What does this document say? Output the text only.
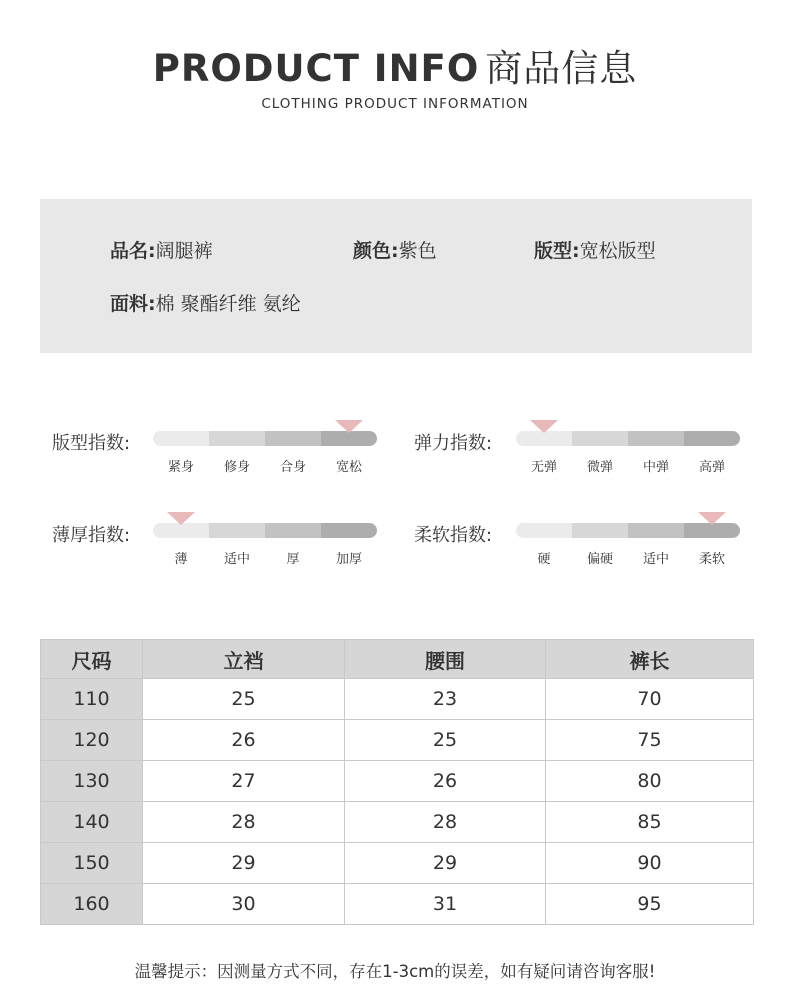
PRODUCT INFO 商品信息
CLOTHING PRODUCT INFORMATION
品名:阔腿裤	颜色:紫色	版型:宽松版型
面料:棉 聚酯纤维 氨纶
版型指数:
紧身	修身	合身	宽松
弹力指数:
无弹	微弹	中弹	高弹
薄厚指数:
薄	适中	厚	加厚
柔软指数:
硬	偏硬	适中	柔软
尺码	立裆	腰围	裤长
110	25	23	70
120	26	25	75
130	27	26	80
140	28	28	85
150	29	29	90
160	30	31	95
温馨提示：因测量方式不同，存在1-3cm的误差，如有疑问请咨询客服!
